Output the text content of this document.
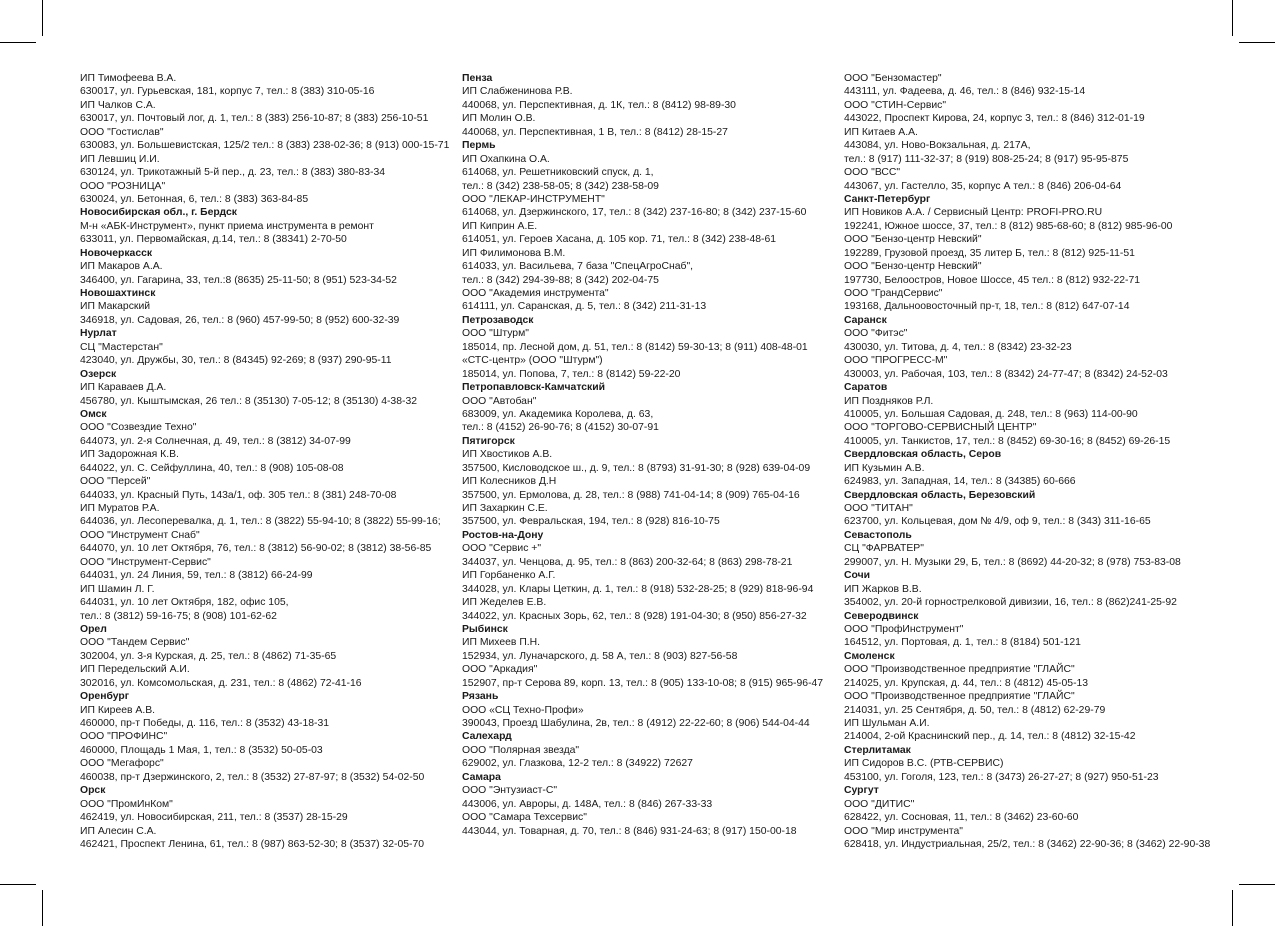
ИП Тимофеева В.А.
630017, ул. Гурьевская, 181, корпус 7, тел.: 8 (383) 310-05-16
ИП Чалков С.А.
630017, ул. Почтовый лог, д. 1, тел.: 8 (383) 256-10-87; 8 (383) 256-10-51
ООО "Гостислав"
630083, ул. Большевистская, 125/2 тел.: 8 (383) 238-02-36; 8 (913) 000-15-71
ИП Левшиц И.И.
630124, ул. Трикотажный 5-й пер., д. 23, тел.: 8 (383) 380-83-34
ООО "РОЗНИЦА"
630024, ул. Бетонная, 6, тел.: 8 (383) 363-84-85
Новосибирская обл., г. Бердск
М-н «АБК-Инструмент», пункт приема инструмента в ремонт
633011, ул. Первомайская, д.14, тел.: 8 (38341) 2-70-50
Новочеркасск
ИП Макаров А.А.
346400, ул. Гагарина, 33, тел.:8 (8635) 25-11-50; 8 (951) 523-34-52
Новошахтинск
ИП Макарский
346918, ул. Садовая, 26, тел.: 8 (960) 457-99-50; 8 (952) 600-32-39
Нурлат
СЦ "Мастерстан"
423040, ул. Дружбы, 30, тел.: 8 (84345) 92-269; 8 (937) 290-95-11
Озерск
ИП Караваев Д.А.
456780, ул. Кыштымская, 26 тел.: 8 (35130) 7-05-12; 8 (35130) 4-38-32
Омск
ООО "Созвездие Техно"
644073, ул. 2-я Солнечная, д. 49, тел.: 8 (3812) 34-07-99
ИП Задорожная К.В.
644022, ул. С. Сейфуллина, 40, тел.: 8 (908) 105-08-08
ООО "Персей"
644033, ул. Красный Путь, 143а/1, оф. 305 тел.: 8 (381) 248-70-08
ИП Муратов Р.А.
644036, ул. Лесоперевалка, д. 1, тел.: 8 (3822) 55-94-10; 8 (3822) 55-99-16;
ООО "Инструмент Снаб"
644070, ул. 10 лет Октября, 76, тел.: 8 (3812) 56-90-02; 8 (3812) 38-56-85
ООО "Инструмент-Сервис"
644031, ул. 24 Линия, 59, тел.: 8 (3812) 66-24-99
ИП Шамин Л. Г.
644031, ул. 10 лет Октября, 182, офис 105,
тел.: 8 (3812) 59-16-75; 8 (908) 101-62-62
Орел
ООО "Тандем Сервис"
302004, ул. 3-я Курская, д. 25, тел.: 8 (4862) 71-35-65
ИП Передельский А.И.
302016, ул. Комсомольская, д. 231, тел.: 8 (4862) 72-41-16
Оренбург
ИП Киреев А.В.
460000, пр-т Победы, д. 116, тел.: 8 (3532) 43-18-31
ООО "ПРОФИНС"
460000, Площадь 1 Мая, 1, тел.: 8 (3532) 50-05-03
ООО "Мегафорс"
460038, пр-т Дзержинского, 2, тел.: 8 (3532) 27-87-97; 8 (3532) 54-02-50
Орск
ООО "ПромИнКом"
462419, ул. Новосибирская, 211, тел.: 8 (3537) 28-15-29
ИП Алесин С.А.
462421, Проспект Ленина, 61, тел.: 8 (987) 863-52-30; 8 (3537) 32-05-70
Пенза
ИП Слабженинова Р.В.
440068, ул. Перспективная, д. 1К, тел.: 8 (8412) 98-89-30
ИП Молин О.В.
440068, ул. Перспективная, 1 В, тел.: 8 (8412) 28-15-27
Пермь
ИП Охапкина О.А.
614068, ул. Решетниковский спуск, д. 1,
тел.: 8 (342) 238-58-05; 8 (342) 238-58-09
ООО "ЛЕКАР-ИНСТРУМЕНТ"
614068, ул. Дзержинского, 17, тел.: 8 (342) 237-16-80; 8 (342) 237-15-60
ИП Киприн А.Е.
614051, ул. Героев Хасана, д. 105 кор. 71, тел.: 8 (342) 238-48-61
ИП Филимонова В.М.
614033, ул. Васильева, 7 база "СпецАгроСнаб",
тел.: 8 (342) 294-39-88; 8 (342) 202-04-75
ООО "Академия инструмента"
614111, ул. Саранская, д. 5, тел.: 8 (342) 211-31-13
Петрозаводск
ООО "Штурм"
185014, пр. Лесной дом, д. 51, тел.: 8 (8142) 59-30-13; 8 (911) 408-48-01
«СТС-центр» (ООО "Штурм")
185014, ул. Попова, 7, тел.: 8 (8142) 59-22-20
Петропавловск-Камчатский
ООО "Автобан"
683009, ул. Академика Королева, д. 63,
тел.: 8 (4152) 26-90-76; 8 (4152) 30-07-91
Пятигорск
ИП Хвостиков А.В.
357500, Кисловодское ш., д. 9, тел.: 8 (8793) 31-91-30; 8 (928) 639-04-09
ИП Колесников Д.Н
357500, ул. Ермолова, д. 28, тел.: 8 (988) 741-04-14; 8 (909) 765-04-16
ИП Захаркин С.Е.
357500, ул. Февральская, 194, тел.: 8 (928) 816-10-75
Ростов-на-Дону
ООО "Сервис +"
344037, ул. Ченцова, д. 95, тел.: 8 (863) 200-32-64; 8 (863) 298-78-21
ИП Горбаненко А.Г.
344028, ул. Клары Цеткин, д. 1, тел.: 8 (918) 532-28-25; 8 (929) 818-96-94
ИП Жеделев Е.В.
344022, ул. Красных Зорь, 62, тел.: 8 (928) 191-04-30; 8 (950) 856-27-32
Рыбинск
ИП Михеев П.Н.
152934, ул. Луначарского, д. 58 А, тел.: 8 (903) 827-56-58
ООО "Аркадия"
152907, пр-т Серова 89, корп. 13, тел.: 8 (905) 133-10-08; 8 (915) 965-96-47
Рязань
ООО «СЦ Техно-Профи»
390043, Проезд Шабулина, 2в, тел.: 8 (4912) 22-22-60; 8 (906) 544-04-44
Салехард
ООО "Полярная звезда"
629002, ул. Глазкова, 12-2 тел.: 8 (34922) 72627
Самара
ООО "Энтузиаст-С"
443006, ул. Авроры, д. 148А, тел.: 8 (846) 267-33-33
ООО "Самара Техсервис"
443044, ул. Товарная, д. 70, тел.: 8 (846) 931-24-63; 8 (917) 150-00-18
ООО "Бензомастер"
443111, ул. Фадеева, д. 46, тел.: 8 (846) 932-15-14
ООО "СТИН-Сервис"
443022, Проспект Кирова, 24, корпус 3, тел.: 8 (846) 312-01-19
ИП Китаев А.А.
443084, ул. Ново-Вокзальная, д. 217А,
тел.: 8 (917) 111-32-37; 8 (919) 808-25-24; 8 (917) 95-95-875
ООО "ВСС"
443067, ул. Гастелло, 35, корпус А тел.: 8 (846) 206-04-64
Санкт-Петербург
ИП Новиков А.А. / Сервисный Центр: PROFI-PRO.RU
192241, Южное шоссе, 37, тел.: 8 (812) 985-68-60; 8 (812) 985-96-00
ООО "Бензо-центр Невский"
192289, Грузовой проезд, 35 литер Б, тел.: 8 (812) 925-11-51
ООО "Бензо-центр Невский"
197730, Белоостров, Новое Шоссе, 45 тел.: 8 (812) 932-22-71
ООО "ГрандСервис"
193168, Дальноовосточный пр-т, 18, тел.: 8 (812) 647-07-14
Саранск
ООО "Фитэс"
430030, ул. Титова, д. 4, тел.: 8 (8342) 23-32-23
ООО "ПРОГРЕСС-М"
430003, ул. Рабочая, 103, тел.: 8 (8342) 24-77-47; 8 (8342) 24-52-03
Саратов
ИП Поздняков Р.Л.
410005, ул. Большая Садовая, д. 248, тел.: 8 (963) 114-00-90
ООО "ТОРГОВО-СЕРВИСНЫЙ ЦЕНТР"
410005, ул. Танкистов, 17, тел.: 8 (8452) 69-30-16; 8 (8452) 69-26-15
Свердловская область, Серов
ИП Кузьмин А.В.
624983, ул. Западная, 14, тел.: 8 (34385) 60-666
Свердловская область, Березовский
ООО "ТИТАН"
623700, ул. Кольцевая, дом № 4/9, оф 9, тел.: 8 (343) 311-16-65
Севастополь
СЦ "ФАРВАТЕР"
299007, ул. Н. Музыки 29, Б, тел.: 8 (8692) 44-20-32; 8 (978) 753-83-08
Сочи
ИП Жарков В.В.
354002, ул. 20-й горнострелковой дивизии, 16, тел.: 8 (862)241-25-92
Северодвинск
ООО "ПрофИнструмент"
164512, ул. Портовая, д. 1, тел.: 8 (8184) 501-121
Смоленск
ООО "Производственное предприятие "ГЛАЙС"
214025, ул. Крупская, д. 44, тел.: 8 (4812) 45-05-13
ООО "Производственное предприятие "ГЛАЙС"
214031, ул. 25 Сентября, д. 50, тел.: 8 (4812) 62-29-79
ИП Шульман А.И.
214004, 2-ой Краснинский пер., д. 14, тел.: 8 (4812) 32-15-42
Стерлитамак
ИП Сидоров В.С. (РТВ-СЕРВИС)
453100, ул. Гоголя, 123, тел.: 8 (3473) 26-27-27; 8 (927) 950-51-23
Сургут
ООО "ДИТИС"
628422, ул. Сосновая, 11, тел.: 8 (3462) 23-60-60
ООО "Мир инструмента"
628418, ул. Индустриальная, 25/2, тел.: 8 (3462) 22-90-36; 8 (3462) 22-90-38
